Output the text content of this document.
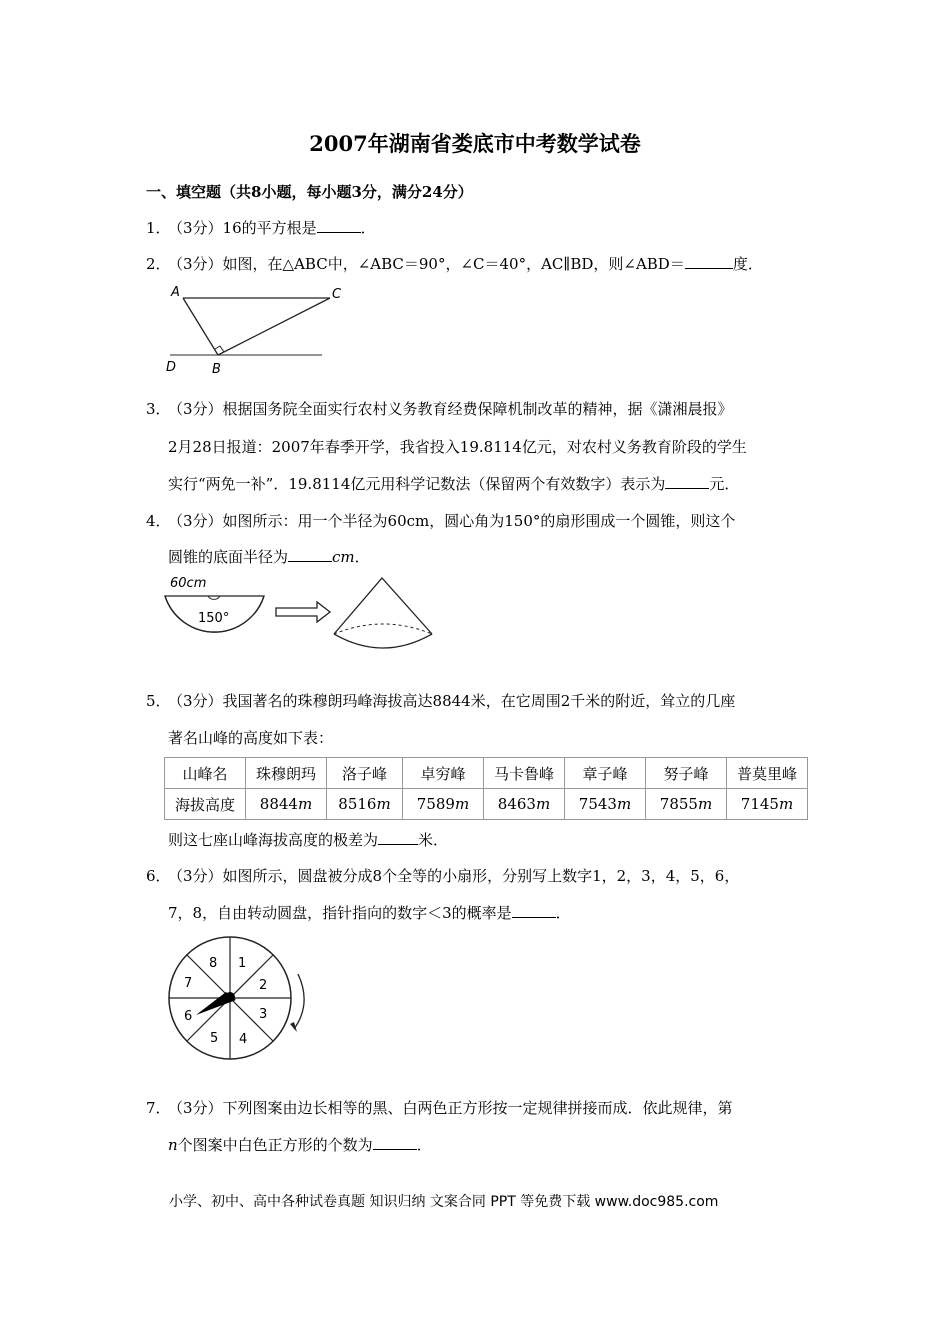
2007年湖南省娄底市中考数学试卷
一、填空题（共8小题，每小题3分，满分24分）
1．
（3分）16的平方根是	．
2．
（3分）如图，在△ABC中，∠ABC＝90°，∠C＝40°，AC∥BD，则∠ABD＝	度．
A	C
D	B
3．
（3分）根据国务院全面实行农村义务教育经费保障机制改革的精神，据《潇湘晨报》
2月28日报道：2007年春季开学，我省投入19.8114亿元，对农村义务教育阶段的学生
实行“两免一补”．19.8114亿元用科学记数法（保留两个有效数字）表示为	元．
4．
（3分）如图所示：用一个半径为60cm，圆心角为150°的扇形围成一个圆锥，则这个
圆锥的底面半径为	cm．
60cm
150°
5．
（3分）我国著名的珠穆朗玛峰海拔高达8844米，在它周围2千米的附近，耸立的几座
著名山峰的高度如下表：
山峰名	珠穆朗玛	洛子峰	卓穷峰	马卡鲁峰	章子峰	努子峰	普莫里峰
海拔高度	8844m	8516m	7589m	8463m	7543m	7855m	7145m
则这七座山峰海拔高度的极差为	米．
6．
（3分）如图所示，圆盘被分成8个全等的小扇形，分别写上数字1，2，3，4，5，6，
7，8，自由转动圆盘，指针指向的数字＜3的概率是	．
1
2
3
4
5
6
7
8
7．
（3分）下列图案由边长相等的黑、白两色正方形按一定规律拼接而成．依此规律，第
n个图案中白色正方形的个数为	．
小学、初中、高中各种试卷真题 知识归纳 文案合同 PPT 等免费下载 www.doc985.com
